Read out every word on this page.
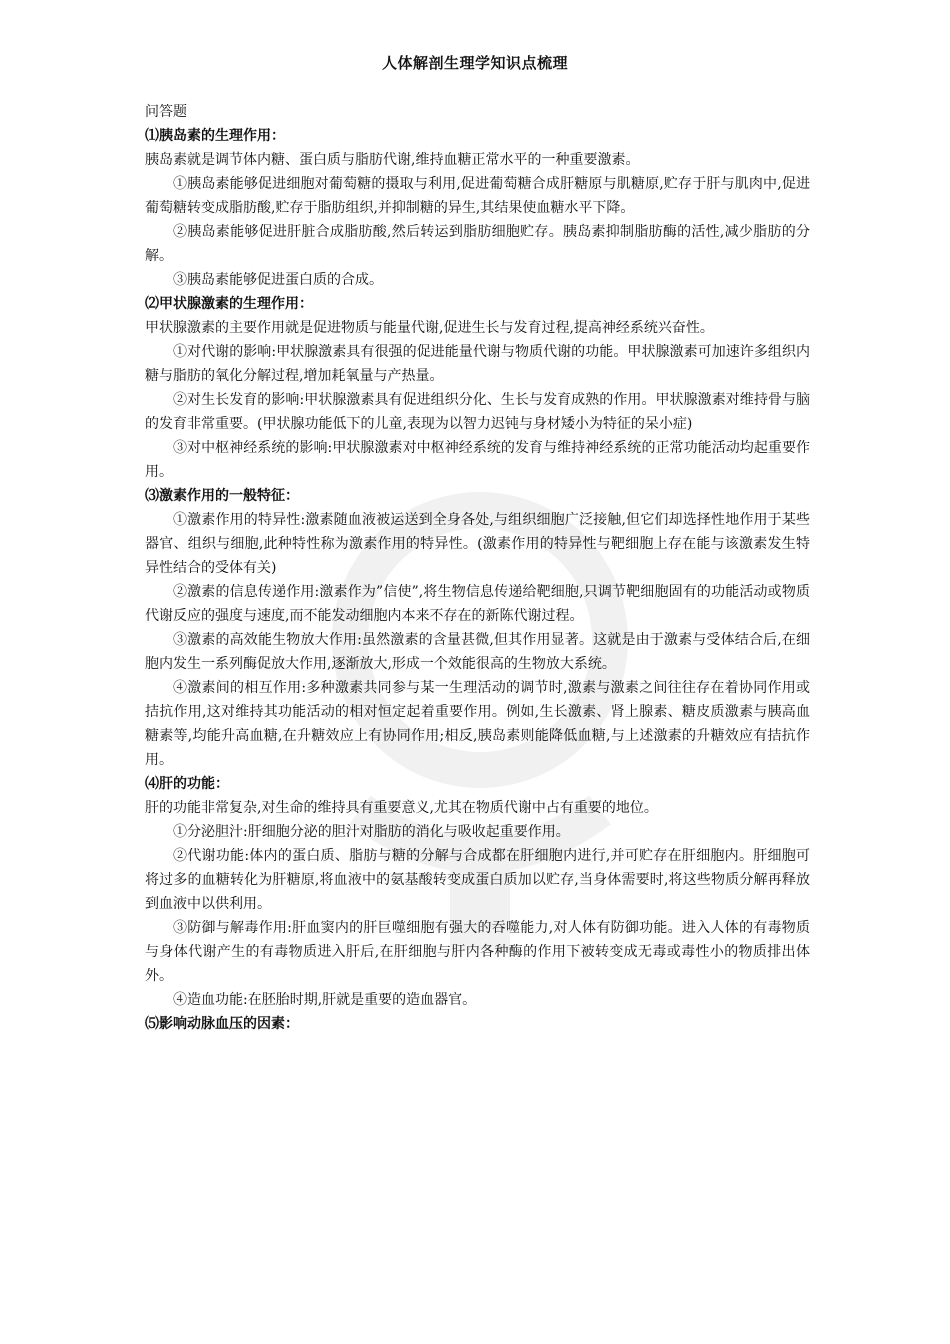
人体解剖生理学知识点梳理

问答题

⑴胰岛素的生理作用：

胰岛素就是调节体内糖、蛋白质与脂肪代谢,维持血糖正常水平的一种重要激素。

①胰岛素能够促进细胞对葡萄糖的摄取与利用,促进葡萄糖合成肝糖原与肌糖原,贮存于肝与肌肉中,促进葡萄糖转变成脂肪酸,贮存于脂肪组织,并抑制糖的异生,其结果使血糖水平下降。

②胰岛素能够促进肝脏合成脂肪酸,然后转运到脂肪细胞贮存。胰岛素抑制脂肪酶的活性,减少脂肪的分解。

③胰岛素能够促进蛋白质的合成。

⑵甲状腺激素的生理作用：

甲状腺激素的主要作用就是促进物质与能量代谢,促进生长与发育过程,提高神经系统兴奋性。

①对代谢的影响:甲状腺激素具有很强的促进能量代谢与物质代谢的功能。甲状腺激素可加速许多组织内糖与脂肪的氧化分解过程,增加耗氧量与产热量。

②对生长发育的影响:甲状腺激素具有促进组织分化、生长与发育成熟的作用。甲状腺激素对维持骨与脑的发育非常重要。(甲状腺功能低下的儿童,表现为以智力迟钝与身材矮小为特征的呆小症)

③对中枢神经系统的影响:甲状腺激素对中枢神经系统的发育与维持神经系统的正常功能活动均起重要作用。

⑶激素作用的一般特征：

①激素作用的特异性:激素随血液被运送到全身各处,与组织细胞广泛接触,但它们却选择性地作用于某些器官、组织与细胞,此种特性称为激素作用的特异性。(激素作用的特异性与靶细胞上存在能与该激素发生特异性结合的受体有关)

②激素的信息传递作用:激素作为”信使”,将生物信息传递给靶细胞,只调节靶细胞固有的功能活动或物质代谢反应的强度与速度,而不能发动细胞内本来不存在的新陈代谢过程。

③激素的高效能生物放大作用:虽然激素的含量甚微,但其作用显著。这就是由于激素与受体结合后,在细胞内发生一系列酶促放大作用,逐渐放大,形成一个效能很高的生物放大系统。

④激素间的相互作用:多种激素共同参与某一生理活动的调节时,激素与激素之间往往存在着协同作用或拮抗作用,这对维持其功能活动的相对恒定起着重要作用。例如,生长激素、肾上腺素、糖皮质激素与胰高血糖素等,均能升高血糖,在升糖效应上有协同作用;相反,胰岛素则能降低血糖,与上述激素的升糖效应有拮抗作用。

⑷肝的功能：

肝的功能非常复杂,对生命的维持具有重要意义,尤其在物质代谢中占有重要的地位。

①分泌胆汁:肝细胞分泌的胆汁对脂肪的消化与吸收起重要作用。

②代谢功能:体内的蛋白质、脂肪与糖的分解与合成都在肝细胞内进行,并可贮存在肝细胞内。肝细胞可将过多的血糖转化为肝糖原,将血液中的氨基酸转变成蛋白质加以贮存,当身体需要时,将这些物质分解再释放到血液中以供利用。

③防御与解毒作用:肝血窦内的肝巨噬细胞有强大的吞噬能力,对人体有防御功能。进入人体的有毒物质与身体代谢产生的有毒物质进入肝后,在肝细胞与肝内各种酶的作用下被转变成无毒或毒性小的物质排出体外。

④造血功能:在胚胎时期,肝就是重要的造血器官。

⑸影响动脉血压的因素：
